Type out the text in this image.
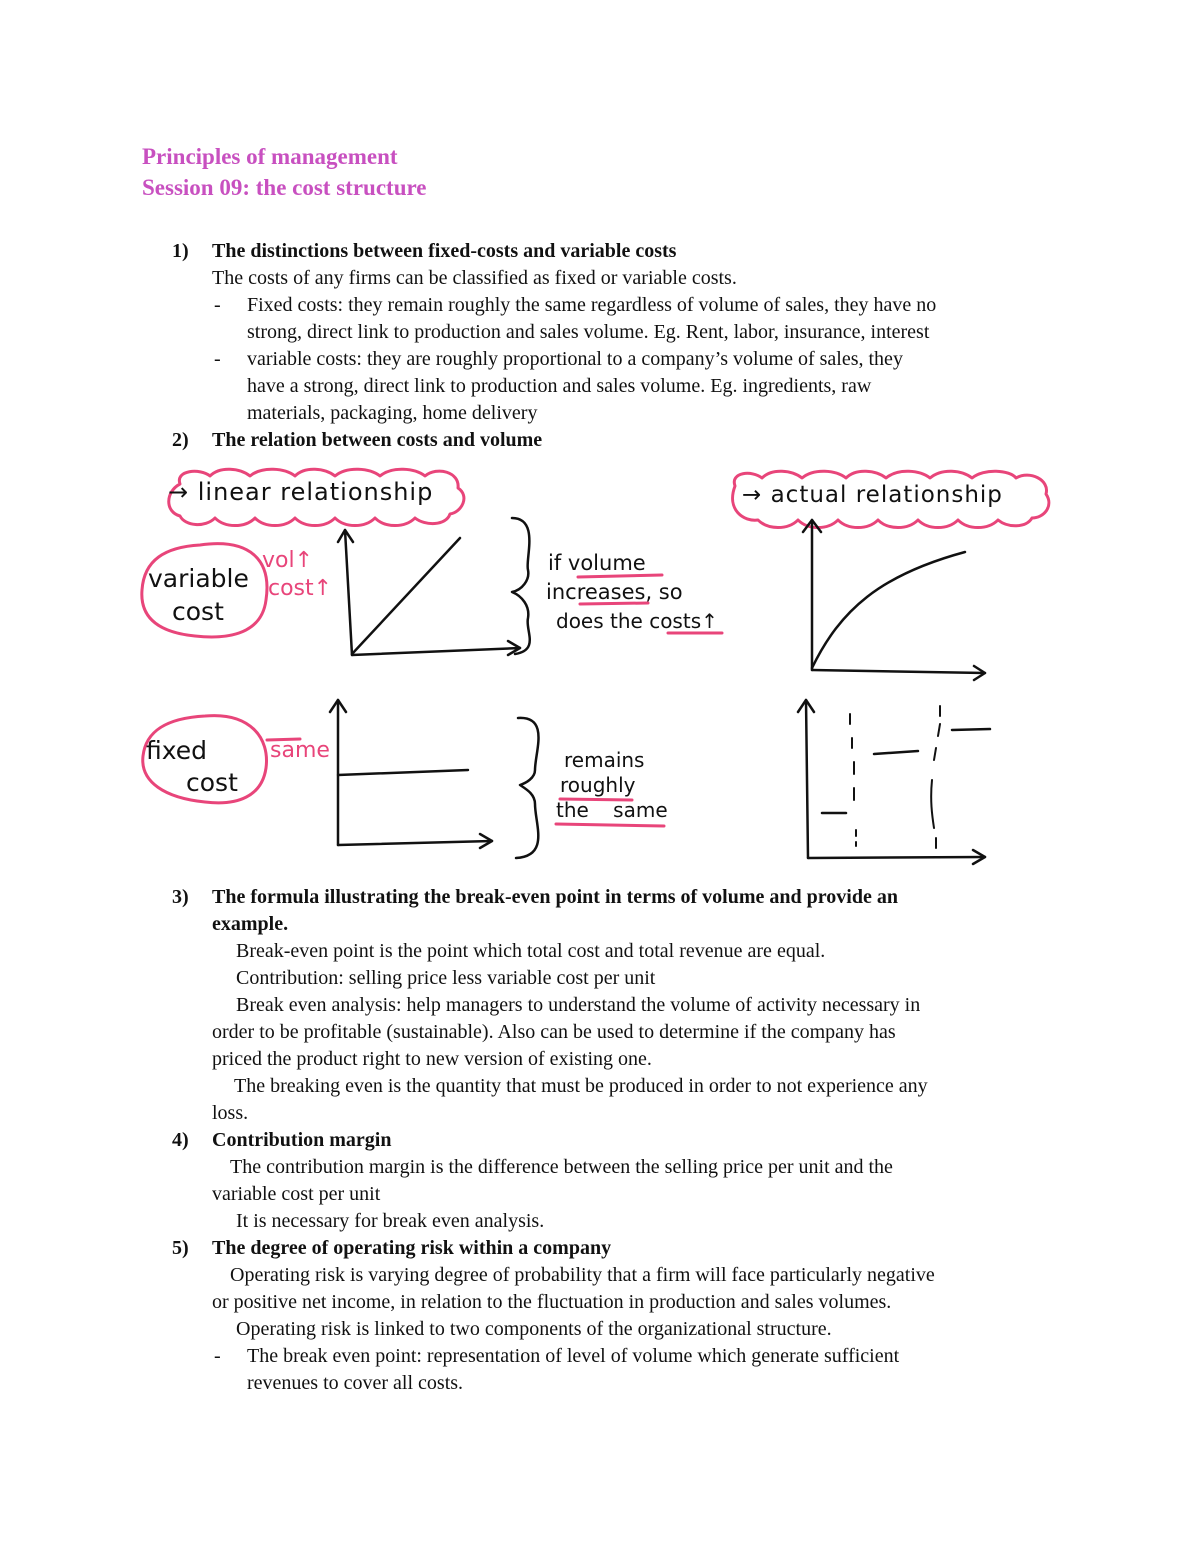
Principles of management
Session 09: the cost structure
1) The distinctions between fixed-costs and variable costs
The costs of any firms can be classified as fixed or variable costs.
- Fixed costs: they remain roughly the same regardless of volume of sales, they have no
strong, direct link to production and sales volume. Eg. Rent, labor, insurance, interest
- variable costs: they are roughly proportional to a company’s volume of sales, they
have a strong, direct link to production and sales volume. Eg. ingredients, raw
materials, packaging, home delivery
2) The relation between costs and volume
→ linear relationship	→ actual relationship
variable
cost
vol↑
cost↑
if volume
increases, so
does the costs↑
fixed
cost
same	remains
roughly
the same
3) The formula illustrating the break-even point in terms of volume and provide an
example.
Break-even point is the point which total cost and total revenue are equal.
Contribution: selling price less variable cost per unit
Break even analysis: help managers to understand the volume of activity necessary in
order to be profitable (sustainable). Also can be used to determine if the company has
priced the product right to new version of existing one.
The breaking even is the quantity that must be produced in order to not experience any
loss.
4) Contribution margin
The contribution margin is the difference between the selling price per unit and the
variable cost per unit
It is necessary for break even analysis.
5) The degree of operating risk within a company
Operating risk is varying degree of probability that a firm will face particularly negative
or positive net income, in relation to the fluctuation in production and sales volumes.
Operating risk is linked to two components of the organizational structure.
- The break even point: representation of level of volume which generate sufficient
revenues to cover all costs.
